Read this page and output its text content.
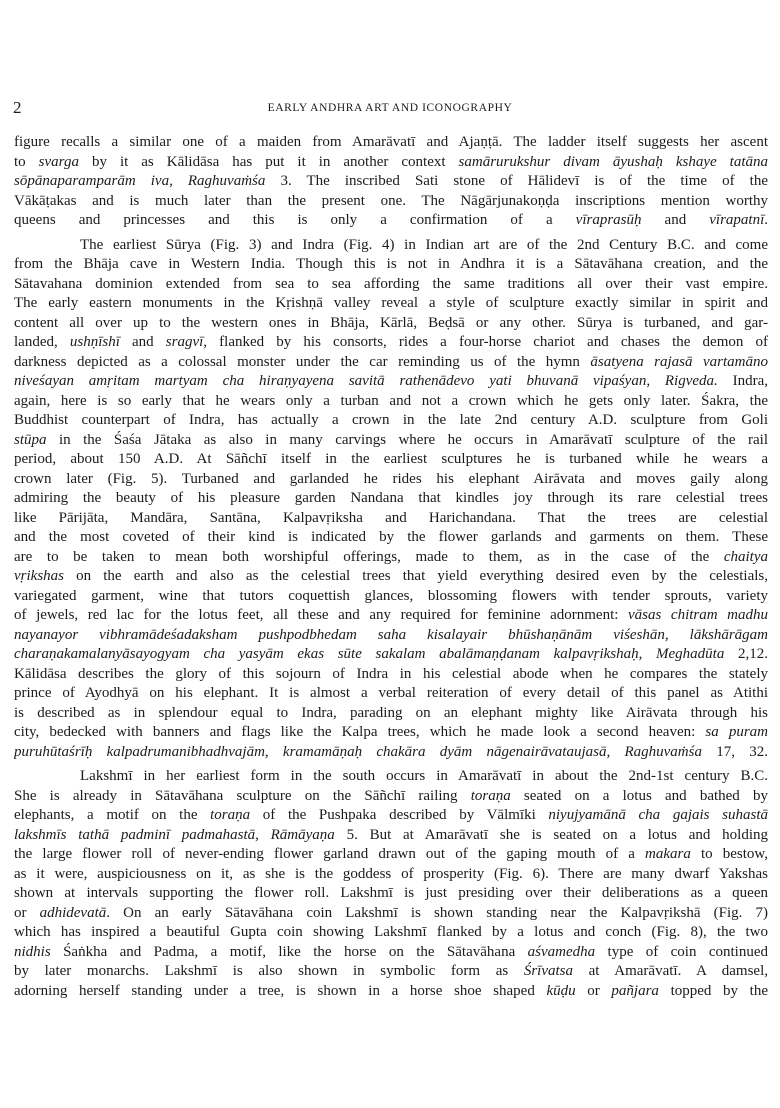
2	EARLY ANDHRA ART AND ICONOGRAPHY
figure recalls a similar one of a maiden from Amarāvatī and Ajaṇṭā. The ladder itself suggests her ascent
to svarga by it as Kālidāsa has put it in another context samārurukshur divam āyushaḥ kshaye tatāna
sōpānaparamparām iva, Raghuvaṁśa 3. The inscribed Sati stone of Hālidevī is of the time of the
Vākāṭakas and is much later than the present one. The Nāgārjunakoṇḍa inscriptions mention worthy
queens and princesses and this is only a confirmation of a vīraprasūḥ and vīrapatnī.
The earliest Sūrya (Fig. 3) and Indra (Fig. 4) in Indian art are of the 2nd Century B.C. and come
from the Bhāja cave in Western India. Though this is not in Andhra it is a Sātavāhana creation, and the
Sātavahana dominion extended from sea to sea affording the same traditions all over their vast empire.
The early eastern monuments in the Kṛishṇā valley reveal a style of sculpture exactly similar in spirit and
content all over up to the western ones in Bhāja, Kārlā, Beḍsā or any other. Sūrya is turbaned, and gar-
landed, ushṇīshī and sragvī, flanked by his consorts, rides a four-horse chariot and chases the demon of
darkness depicted as a colossal monster under the car reminding us of the hymn āsatyena rajasā vartamāno
niveśayan amṛitam martyam cha hiraṇyayena savitā rathenādevo yati bhuvanā vipaśyan, Rigveda. Indra,
again, here is so early that he wears only a turban and not a crown which he gets only later. Śakra, the
Buddhist counterpart of Indra, has actually a crown in the late 2nd century A.D. sculpture from Goli
stūpa in the Śaśa Jātaka as also in many carvings where he occurs in Amarāvatī sculpture of the rail
period, about 150 A.D. At Sāñchī itself in the earliest sculptures he is turbaned while he wears a
crown later (Fig. 5). Turbaned and garlanded he rides his elephant Airāvata and moves gaily along
admiring the beauty of his pleasure garden Nandana that kindles joy through its rare celestial trees
like Pārijāta, Mandāra, Santāna, Kalpavṛiksha and Harichandana. That the trees are celestial
and the most coveted of their kind is indicated by the flower garlands and garments on them. These
are to be taken to mean both worshipful offerings, made to them, as in the case of the chaitya
vṛikshas on the earth and also as the celestial trees that yield everything desired even by the celestials,
variegated garment, wine that tutors coquettish glances, blossoming flowers with tender sprouts, variety
of jewels, red lac for the lotus feet, all these and any required for feminine adornment: vāsas chitram madhu
nayanayor vibhramādeśadaksham pushpodbhedam saha kisalayair bhūshaṇānām viśeshān, lākshārāgam
charaṇakamalanyāsayogyam cha yasyām ekas sūte sakalam abalāmaṇḍanam kalpavṛikshaḥ, Meghadūta 2,12.
Kālidāsa describes the glory of this sojourn of Indra in his celestial abode when he compares the stately
prince of Ayodhyā on his elephant. It is almost a verbal reiteration of every detail of this panel as Atithi
is described as in splendour equal to Indra, parading on an elephant mighty like Airāvata through his
city, bedecked with banners and flags like the Kalpa trees, which he made look a second heaven: sa puram
puruhūtaśrīḥ kalpadrumanibhadhvajām, kramamāṇaḥ chakāra dyām nāgenairāvataujasā, Raghuvaṁśa 17, 32.
Lakshmī in her earliest form in the south occurs in Amarāvatī in about the 2nd-1st century B.C.
She is already in Sātavāhana sculpture on the Sāñchī railing toraṇa seated on a lotus and bathed by
elephants, a motif on the toraṇa of the Pushpaka described by Vālmīki niyujyamānā cha gajais suhastā
lakshmīs tathā padminī padmahastā, Rāmāyaṇa 5. But at Amarāvatī she is seated on a lotus and holding
the large flower roll of never-ending flower garland drawn out of the gaping mouth of a makara to bestow,
as it were, auspiciousness on it, as she is the goddess of prosperity (Fig. 6). There are many dwarf Yakshas
shown at intervals supporting the flower roll. Lakshmī is just presiding over their deliberations as a queen
or adhidevatā. On an early Sātavāhana coin Lakshmī is shown standing near the Kalpavṛikshā (Fig. 7)
which has inspired a beautiful Gupta coin showing Lakshmī flanked by a lotus and conch (Fig. 8), the two
nidhis Śaṅkha and Padma, a motif, like the horse on the Sātavāhana aśvamedha type of coin continued
by later monarchs. Lakshmī is also shown in symbolic form as Śrīvatsa at Amarāvatī. A damsel,
adorning herself standing under a tree, is shown in a horse shoe shaped kūḍu or pañjara topped by the
